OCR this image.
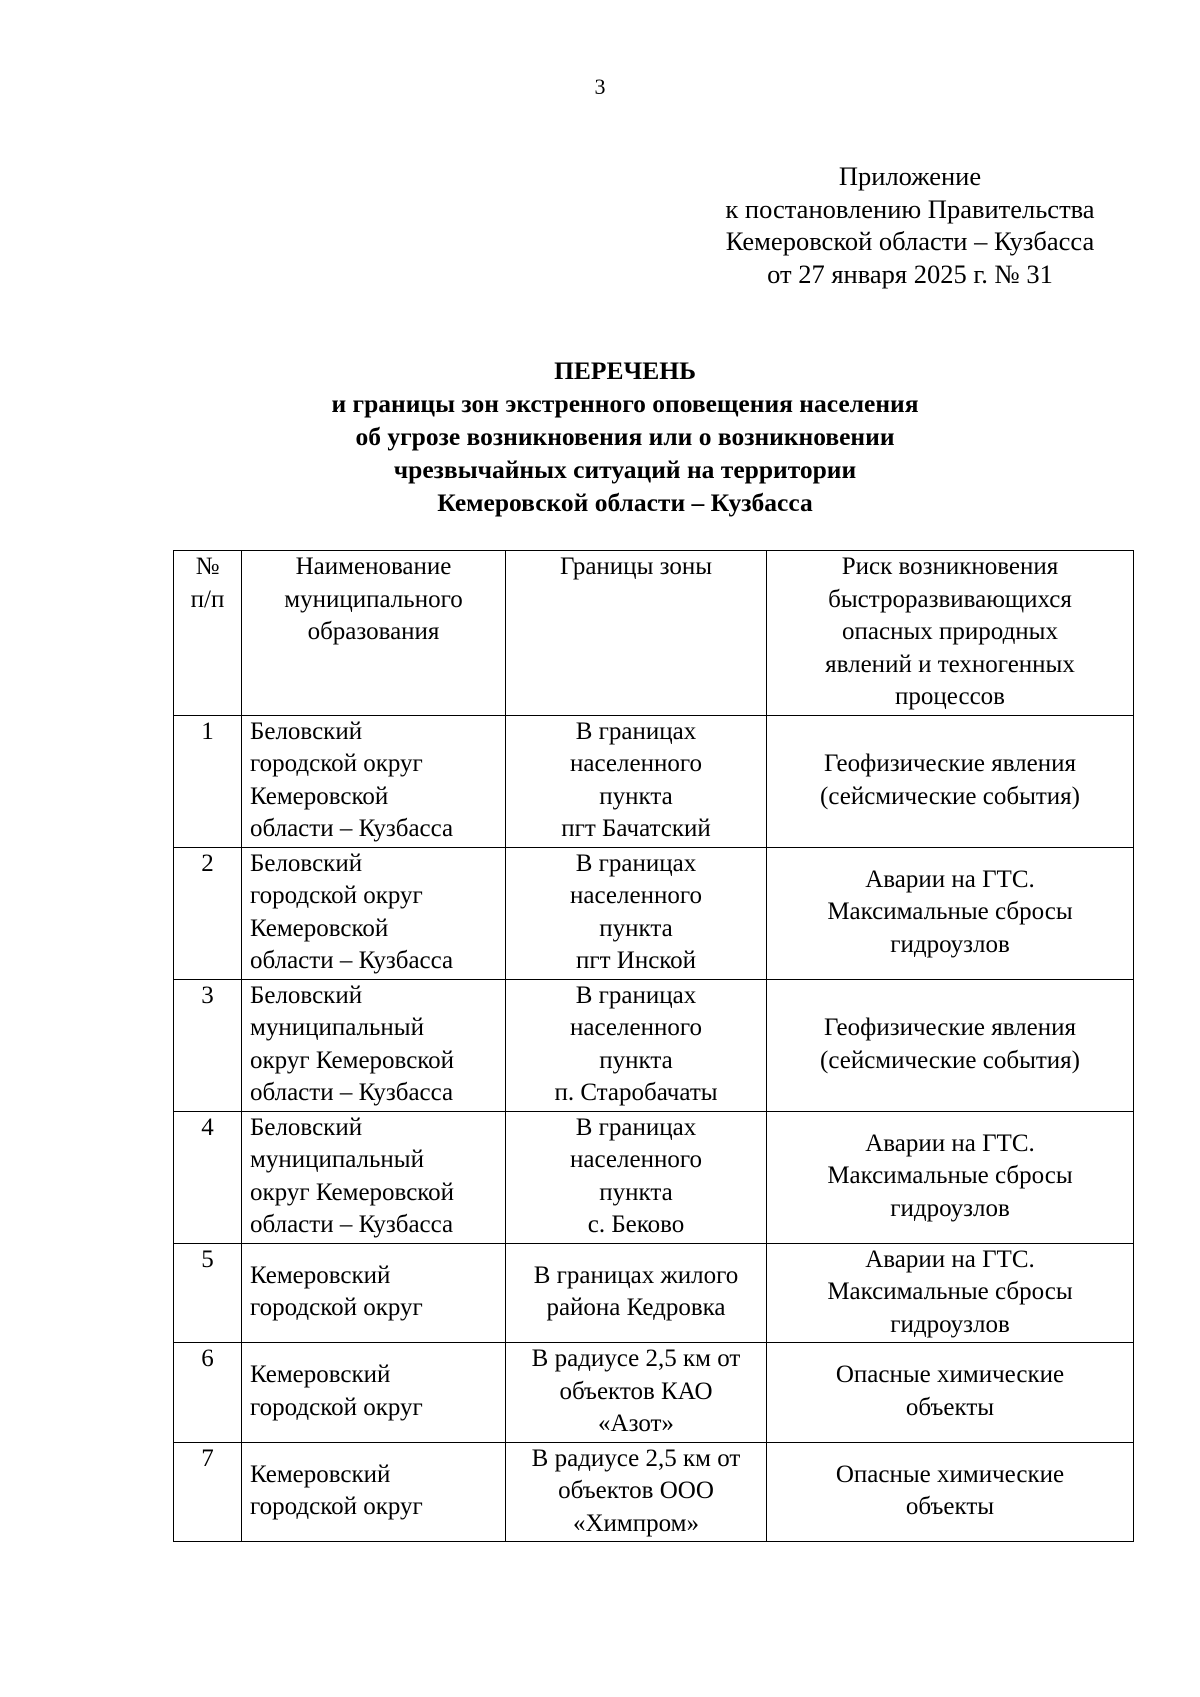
3
Приложение
к постановлению Правительства
Кемеровской области – Кузбасса
от 27 января 2025 г. № 31
ПЕРЕЧЕНЬ
и границы зон экстренного оповещения населения
об угрозе возникновения или о возникновении
чрезвычайных ситуаций на территории
Кемеровской области – Кузбасса
№
п/п	Наименование
муниципального
образования	Границы зоны	Риск возникновения
быстроразвивающихся
опасных природных
явлений и техногенных
процессов

1	Беловский
городской округ
Кемеровской
области – Кузбасса	В границах
населенного
пункта
пгт Бачатский	Геофизические явления
(сейсмические события)

2	Беловский
городской округ
Кемеровской
области – Кузбасса	В границах
населенного
пункта
пгт Инской	Аварии на ГТС.
Максимальные сбросы
гидроузлов

3	Беловский
муниципальный
округ Кемеровской
области – Кузбасса	В границах
населенного
пункта
п. Старобачаты	Геофизические явления
(сейсмические события)

4	Беловский
муниципальный
округ Кемеровской
области – Кузбасса	В границах
населенного
пункта
с. Беково	Аварии на ГТС.
Максимальные сбросы
гидроузлов

5	Кемеровский
городской округ	В границах жилого
района Кедровка	Аварии на ГТС.
Максимальные сбросы
гидроузлов

6	Кемеровский
городской округ	В радиусе 2,5 км от
объектов КАО
«Азот»	Опасные химические
объекты

7	Кемеровский
городской округ	В радиусе 2,5 км от
объектов ООО
«Химпром»	Опасные химические
объекты
